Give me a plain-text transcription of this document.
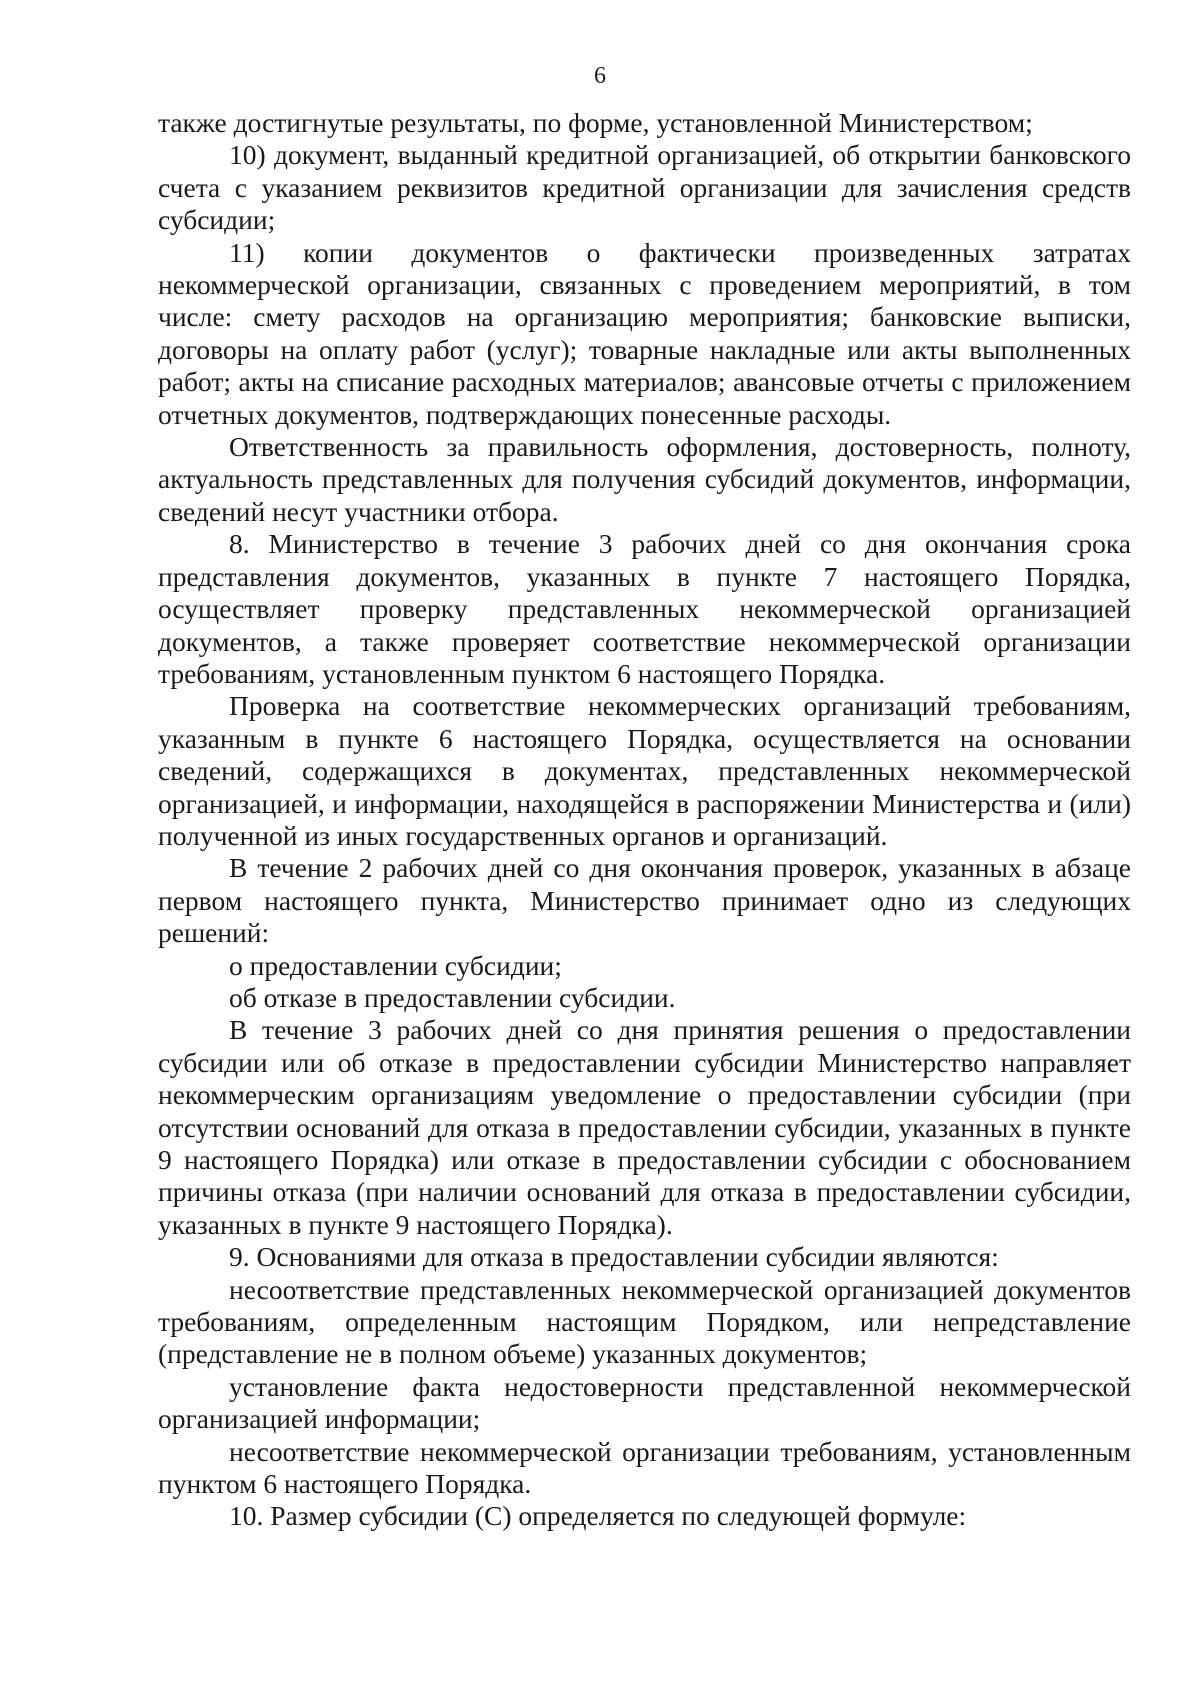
6

также достигнутые результаты, по форме, установленной Министерством;

10) документ, выданный кредитной организацией, об открытии банковского счета с указанием реквизитов кредитной организации для зачисления средств субсидии;

11) копии документов о фактически произведенных затратах некоммерческой организации, связанных с проведением мероприятий, в том числе: смету расходов на организацию мероприятия; банковские выписки, договоры на оплату работ (услуг); товарные накладные или акты выполненных работ; акты на списание расходных материалов; авансовые отчеты с приложением отчетных документов, подтверждающих понесенные расходы.

Ответственность за правильность оформления, достоверность, полноту, актуальность представленных для получения субсидий документов, информации, сведений несут участники отбора.

8. Министерство в течение 3 рабочих дней со дня окончания срока представления документов, указанных в пункте 7 настоящего Порядка, осуществляет проверку представленных некоммерческой организацией документов, а также проверяет соответствие некоммерческой организации требованиям, установленным пунктом 6 настоящего Порядка.

Проверка на соответствие некоммерческих организаций требованиям, указанным в пункте 6 настоящего Порядка, осуществляется на основании сведений, содержащихся в документах, представленных некоммерческой организацией, и информации, находящейся в распоряжении Министерства и (или) полученной из иных государственных органов и организаций.

В течение 2 рабочих дней со дня окончания проверок, указанных в абзаце первом настоящего пункта, Министерство принимает одно из следующих решений:

о предоставлении субсидии;

об отказе в предоставлении субсидии.

В течение 3 рабочих дней со дня принятия решения о предоставлении субсидии или об отказе в предоставлении субсидии Министерство направляет некоммерческим организациям уведомление о предоставлении субсидии (при отсутствии оснований для отказа в предоставлении субсидии, указанных в пункте 9 настоящего Порядка) или отказе в предоставлении субсидии с обоснованием причины отказа (при наличии оснований для отказа в предоставлении субсидии, указанных в пункте 9 настоящего Порядка).

9. Основаниями для отказа в предоставлении субсидии являются:

несоответствие представленных некоммерческой организацией документов требованиям, определенным настоящим Порядком, или непредставление (представление не в полном объеме) указанных документов;

установление факта недостоверности представленной некоммерческой организацией информации;

несоответствие некоммерческой организации требованиям, установленным пунктом 6 настоящего Порядка.

10. Размер субсидии (С) определяется по следующей формуле:
